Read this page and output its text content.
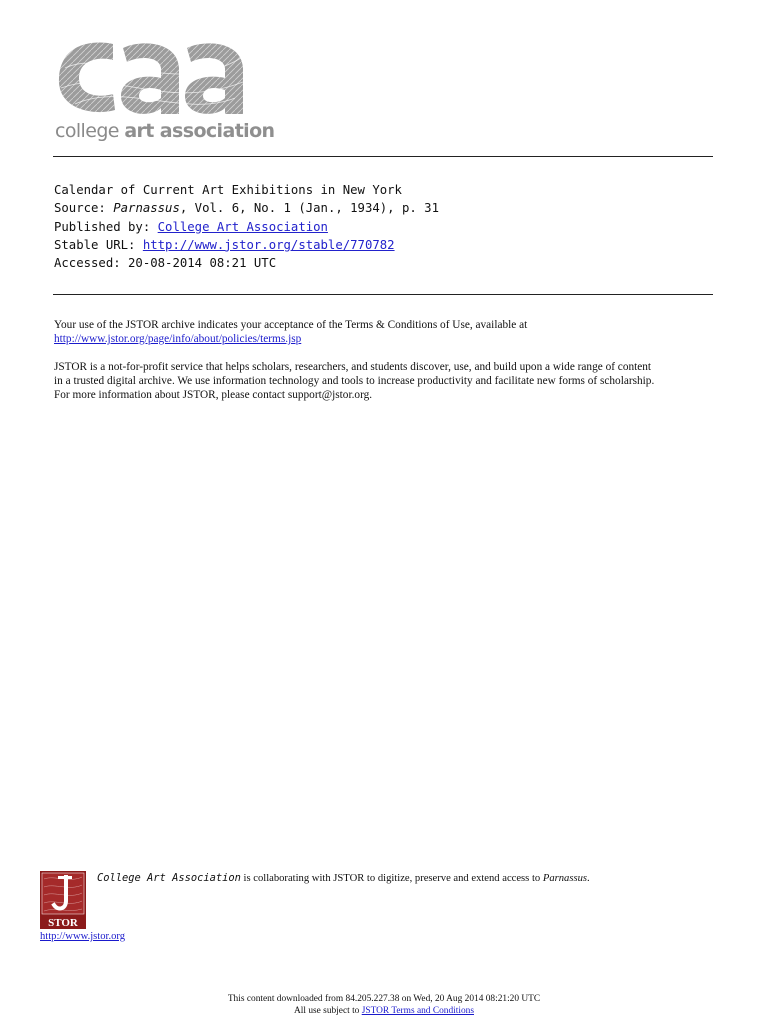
college art association
Calendar of Current Art Exhibitions in New York
Source: Parnassus, Vol. 6, No. 1 (Jan., 1934), p. 31
Published by: College Art Association
Stable URL: http://www.jstor.org/stable/770782
Accessed: 20-08-2014 08:21 UTC
Your use of the JSTOR archive indicates your acceptance of the Terms & Conditions of Use, available at
http://www.jstor.org/page/info/about/policies/terms.jsp
JSTOR is a not-for-profit service that helps scholars, researchers, and students discover, use, and build upon a wide range of content
in a trusted digital archive. We use information technology and tools to increase productivity and facilitate new forms of scholarship.
For more information about JSTOR, please contact support@jstor.org.
STOR
College Art Association is collaborating with JSTOR to digitize, preserve and extend access to Parnassus.
http://www.jstor.org
This content downloaded from 84.205.227.38 on Wed, 20 Aug 2014 08:21:20 UTC
All use subject to JSTOR Terms and Conditions
